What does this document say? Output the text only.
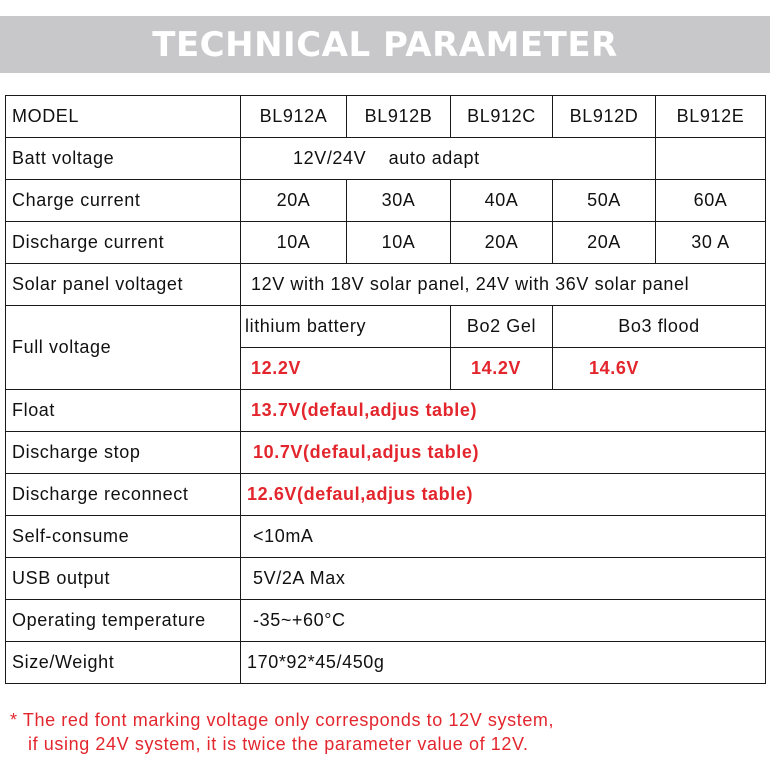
TECHNICAL PARAMETER
MODEL	BL912A	BL912B	BL912C	BL912D	BL912E
Batt voltage	12V/24V    auto adapt				
Charge current	20A	30A	40A	50A	60A
Discharge current	10A	10A	20A	20A	30 A
Solar panel voltaget	12V with 18V solar panel, 24V with 36V solar panel				
Full voltage	lithium battery		Bo2 Gel	Bo3 flood	
	12.2V		14.2V	14.6V	
Float	13.7V(defaul,adjus table)				
Discharge stop	10.7V(defaul,adjus table)				
Discharge reconnect	12.6V(defaul,adjus table)				
Self-consume	<10mA				
USB output	5V/2A Max				
Operating temperature	-35~+60°C				
Size/Weight	170*92*45/450g				
* The red font marking voltage only corresponds to 12V system,
if using 24V system, it is twice the parameter value of 12V.
